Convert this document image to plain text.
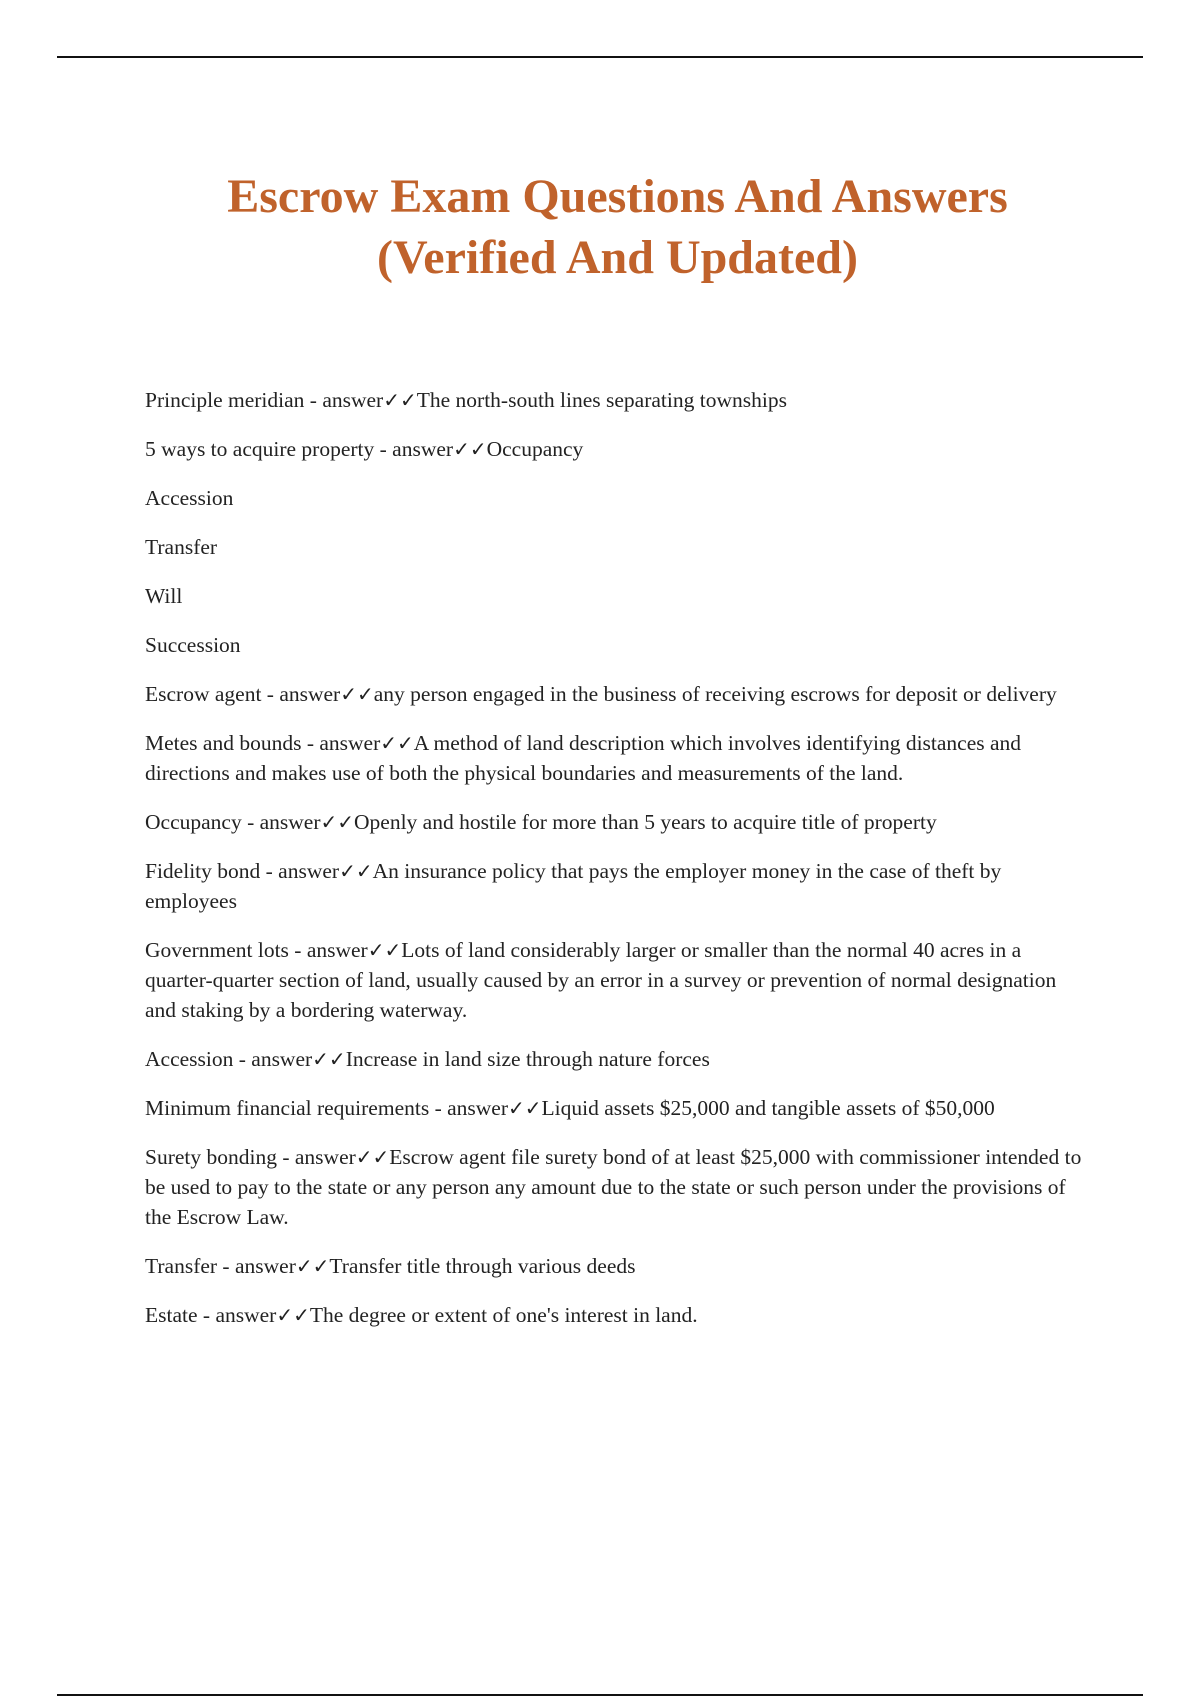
Escrow Exam Questions And Answers
(Verified And Updated)

Principle meridian - answer✓✓The north-south lines separating townships

5 ways to acquire property - answer✓✓Occupancy

Accession

Transfer

Will

Succession

Escrow agent - answer✓✓any person engaged in the business of receiving escrows for deposit or delivery

Metes and bounds - answer✓✓A method of land description which involves identifying distances and directions and makes use of both the physical boundaries and measurements of the land.

Occupancy - answer✓✓Openly and hostile for more than 5 years to acquire title of property

Fidelity bond - answer✓✓An insurance policy that pays the employer money in the case of theft by employees

Government lots - answer✓✓Lots of land considerably larger or smaller than the normal 40 acres in a quarter-quarter section of land, usually caused by an error in a survey or prevention of normal designation and staking by a bordering waterway.

Accession - answer✓✓Increase in land size through nature forces

Minimum financial requirements - answer✓✓Liquid assets $25,000 and tangible assets of $50,000

Surety bonding - answer✓✓Escrow agent file surety bond of at least $25,000 with commissioner intended to be used to pay to the state or any person any amount due to the state or such person under the provisions of the Escrow Law.

Transfer - answer✓✓Transfer title through various deeds

Estate - answer✓✓The degree or extent of one's interest in land.
